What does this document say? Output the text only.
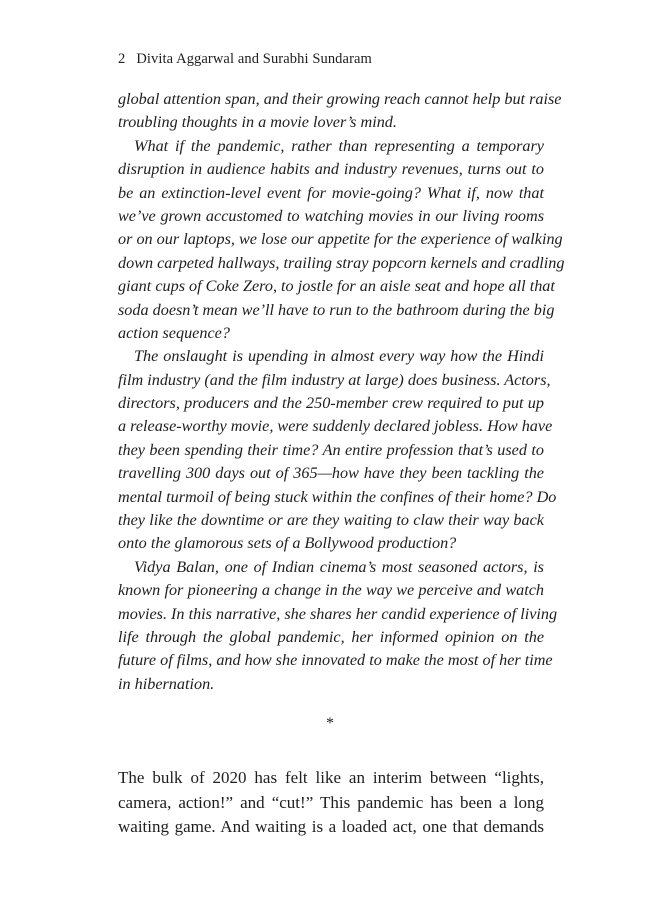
2 Divita Aggarwal and Surabhi Sundaram
global attention span, and their growing reach cannot help but raise
troubling thoughts in a movie lover’s mind.
What if the pandemic, rather than representing a temporary
disruption in audience habits and industry revenues, turns out to
be an extinction-level event for movie-going? What if, now that
we’ve grown accustomed to watching movies in our living rooms
or on our laptops, we lose our appetite for the experience of walking
down carpeted hallways, trailing stray popcorn kernels and cradling
giant cups of Coke Zero, to jostle for an aisle seat and hope all that
soda doesn’t mean we’ll have to run to the bathroom during the big
action sequence?
The onslaught is upending in almost every way how the Hindi
film industry (and the film industry at large) does business. Actors,
directors, producers and the 250-member crew required to put up
a release-worthy movie, were suddenly declared jobless. How have
they been spending their time? An entire profession that’s used to
travelling 300 days out of 365—how have they been tackling the
mental turmoil of being stuck within the confines of their home? Do
they like the downtime or are they waiting to claw their way back
onto the glamorous sets of a Bollywood production?
Vidya Balan, one of Indian cinema’s most seasoned actors, is
known for pioneering a change in the way we perceive and watch
movies. In this narrative, she shares her candid experience of living
life through the global pandemic, her informed opinion on the
future of films, and how she innovated to make the most of her time
in hibernation.
*
The bulk of 2020 has felt like an interim between “lights,
camera, action!” and “cut!” This pandemic has been a long
waiting game. And waiting is a loaded act, one that demands
